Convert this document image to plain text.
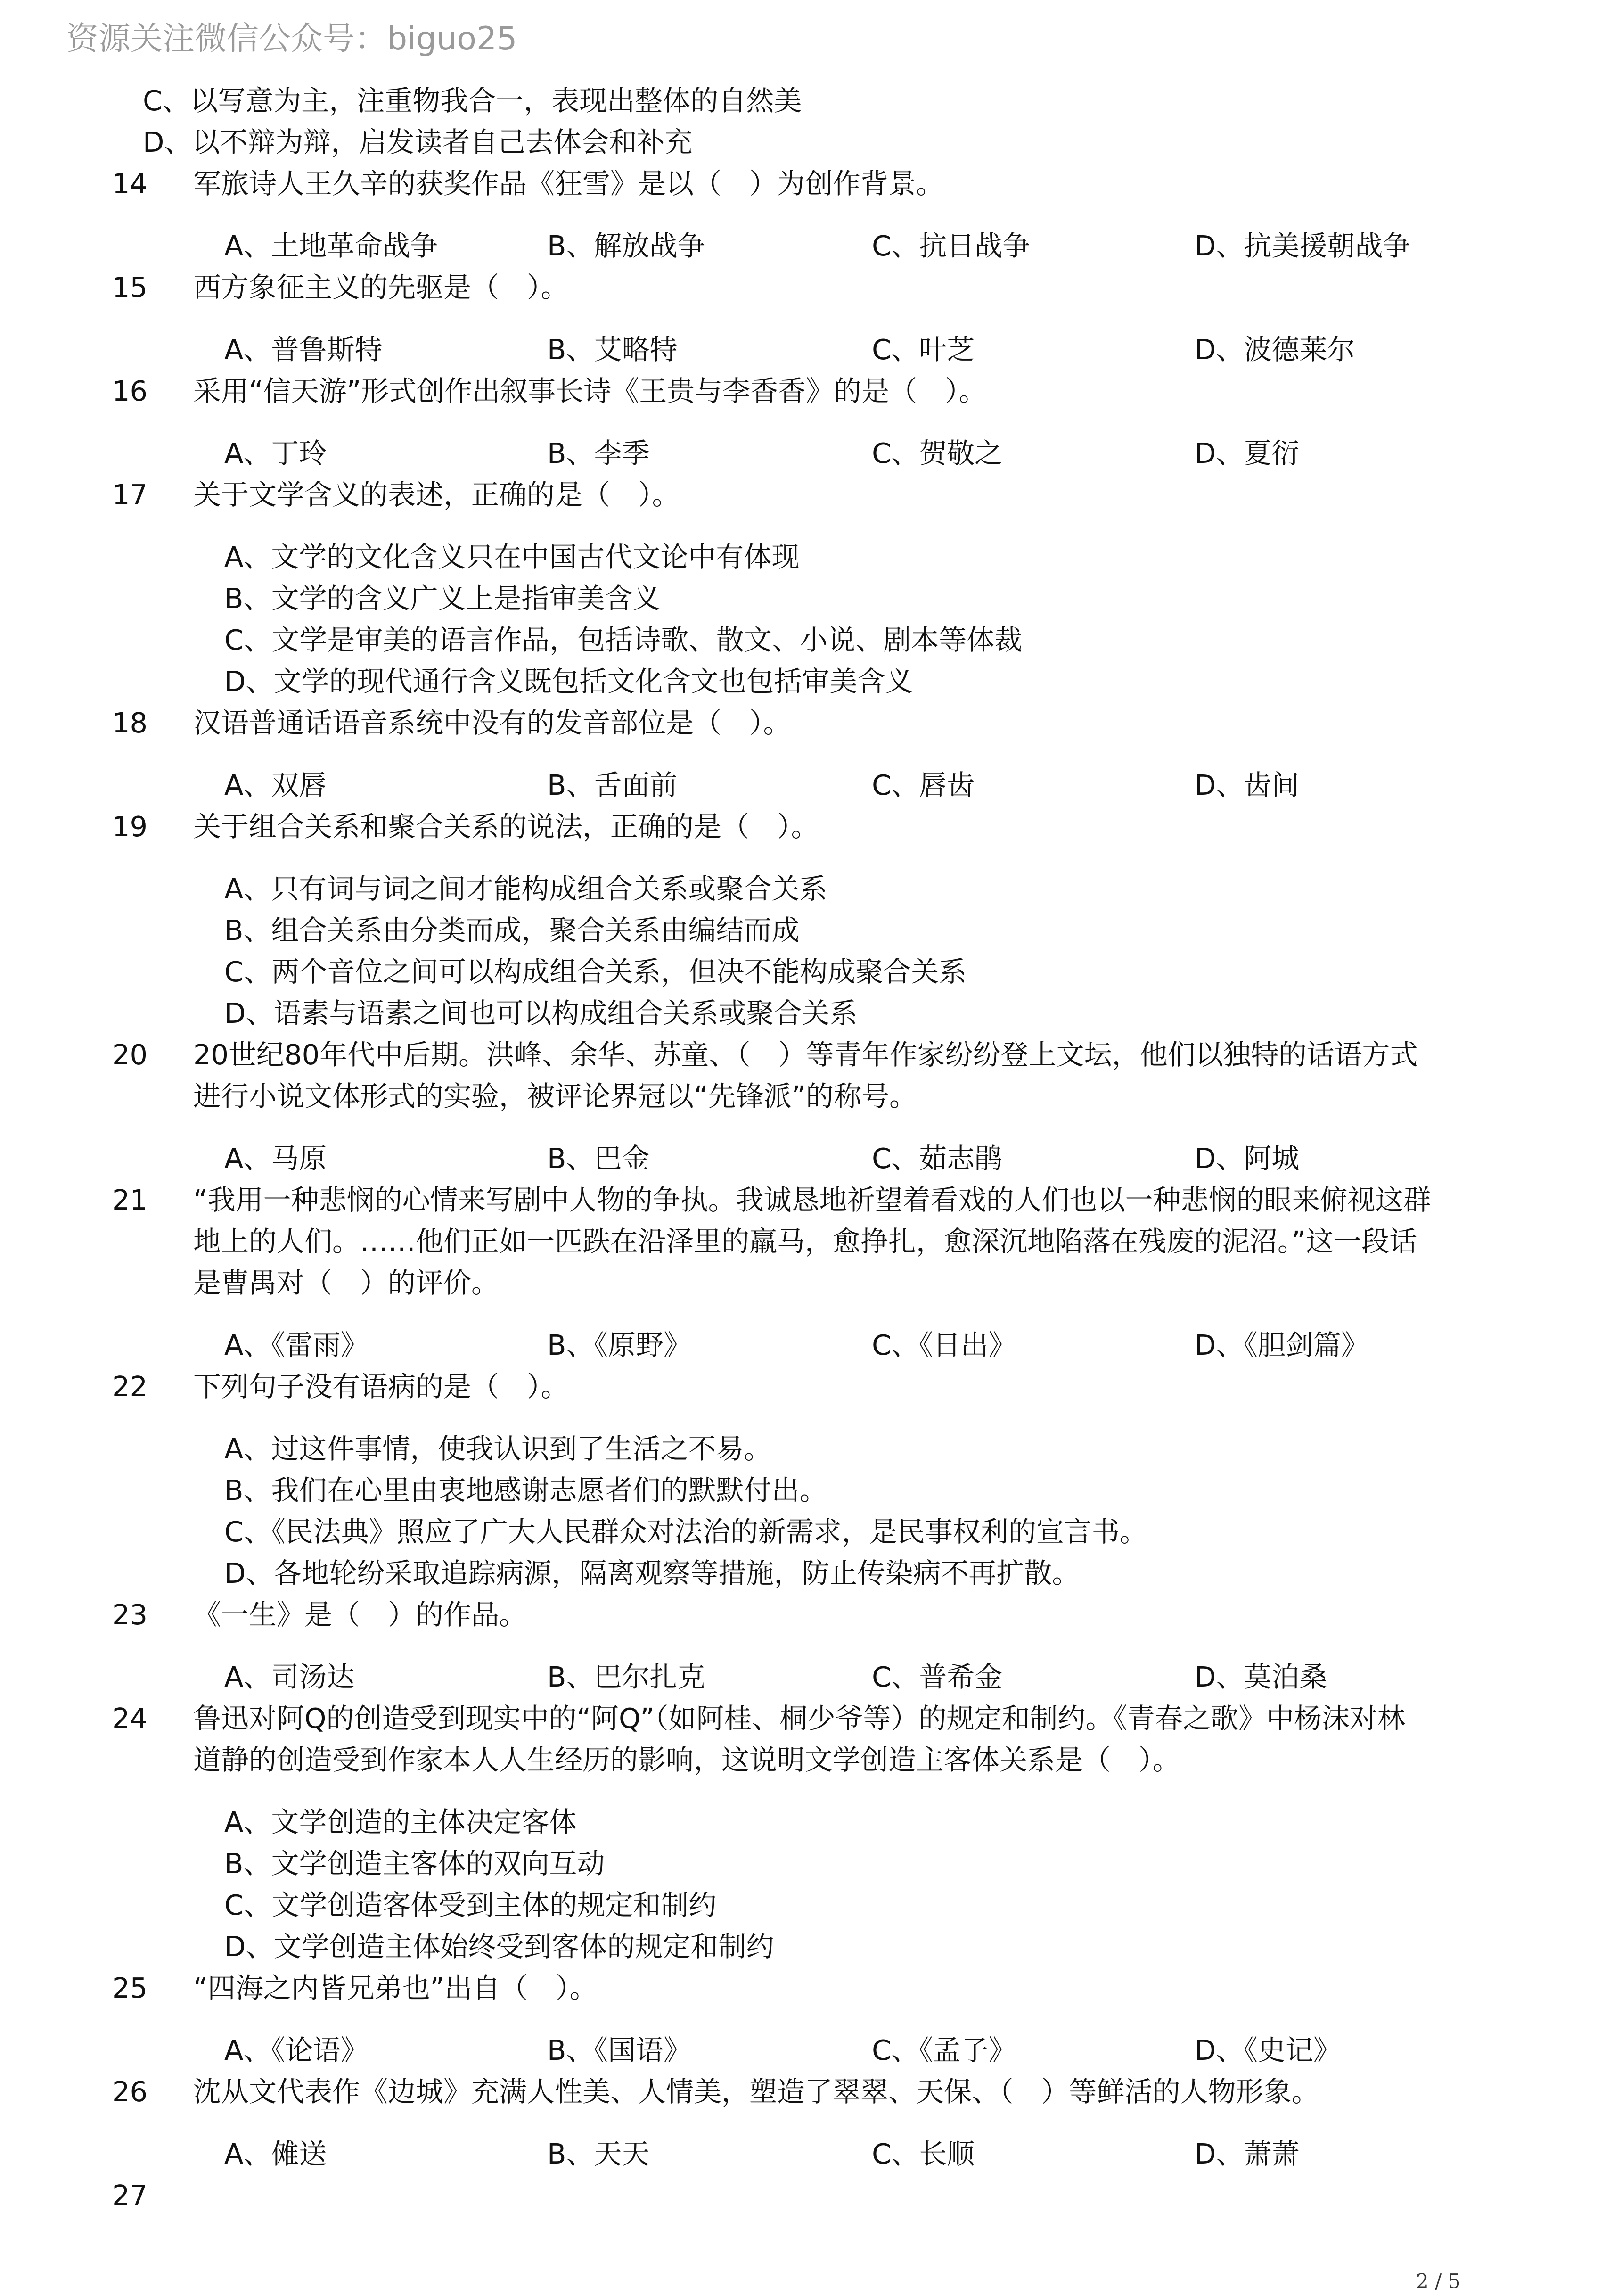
资源关注微信公众号：biguo25
C、以写意为主，注重物我合一，表现出整体的自然美
D、以不辩为辩，启发读者自己去体会和补充
14 军旅诗人王久辛的获奖作品《狂雪》是以（　）为创作背景。
A、土地革命战争	B、解放战争	C、抗日战争	D、抗美援朝战争
15 西方象征主义的先驱是（　）。
A、普鲁斯特	B、艾略特	C、叶芝	D、波德莱尔
16 采用“信天游”形式创作出叙事长诗《王贵与李香香》的是（　）。
A、丁玲	B、李季	C、贺敬之	D、夏衍
17 关于文学含义的表述，正确的是（　）。
A、文学的文化含义只在中国古代文论中有体现
B、文学的含义广义上是指审美含义
C、文学是审美的语言作品，包括诗歌、散文、小说、剧本等体裁
D、文学的现代通行含义既包括文化含文也包括审美含义
18 汉语普通话语音系统中没有的发音部位是（　）。
A、双唇	B、舌面前	C、唇齿	D、齿间
19 关于组合关系和聚合关系的说法，正确的是（　）。
A、只有词与词之间才能构成组合关系或聚合关系
B、组合关系由分类而成，聚合关系由编结而成
C、两个音位之间可以构成组合关系，但决不能构成聚合关系
D、语素与语素之间也可以构成组合关系或聚合关系
20 20世纪80年代中后期。洪峰、余华、苏童、（　）等青年作家纷纷登上文坛，他们以独特的话语方式
进行小说文体形式的实验，被评论界冠以“先锋派”的称号。
A、马原	B、巴金	C、茹志鹃	D、阿城
21 “我用一种悲悯的心情来写剧中人物的争执。我诚恳地祈望着看戏的人们也以一种悲悯的眼来俯视这群
地上的人们。……他们正如一匹跌在沿泽里的羸马，愈挣扎，愈深沉地陷落在残废的泥沼。”这一段话
是曹禺对（　）的评价。
A、《雷雨》	B、《原野》	C、《日出》	D、《胆剑篇》
22 下列句子没有语病的是（　）。
A、过这件事情，使我认识到了生活之不易。
B、我们在心里由衷地感谢志愿者们的默默付出。
C、《民法典》照应了广大人民群众对法治的新需求，是民事权利的宣言书。
D、各地轮纷采取追踪病源，隔离观察等措施，防止传染病不再扩散。
23 《一生》是（　）的作品。
A、司汤达	B、巴尔扎克	C、普希金	D、莫泊桑
24 鲁迅对阿Q的创造受到现实中的“阿Q”（如阿桂、桐少爷等）的规定和制约。《青春之歌》中杨沫对林
道静的创造受到作家本人人生经历的影响，这说明文学创造主客体关系是（　）。
A、文学创造的主体决定客体
B、文学创造主客体的双向互动
C、文学创造客体受到主体的规定和制约
D、文学创造主体始终受到客体的规定和制约
25 “四海之内皆兄弟也”出自（　）。
A、《论语》	B、《国语》	C、《孟子》	D、《史记》
26 沈从文代表作《边城》充满人性美、人情美，塑造了翠翠、天保、（　）等鲜活的人物形象。
A、傩送	B、天天	C、长顺	D、萧萧
27
2 / 5
